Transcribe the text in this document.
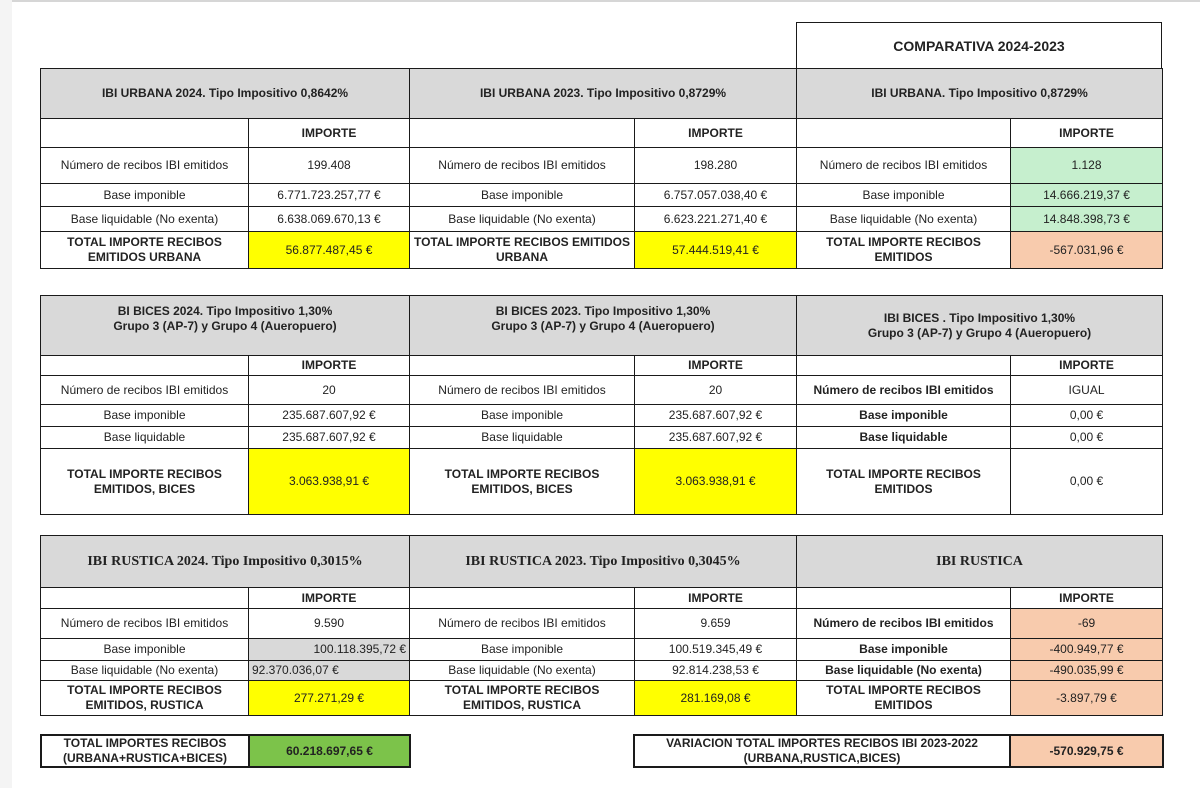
COMPARATIVA 2024-2023
IBI URBANA 2024. Tipo Impositivo 0,8642%	
	IMPORTE
Número de recibos IBI emitidos	199.408
Base imponible	6.771.723.257,77 €
Base liquidable (No exenta)	6.638.069.670,13 €
TOTAL IMPORTE RECIBOS EMITIDOS URBANA	56.877.487,45 €
IBI URBANA 2023. Tipo Impositivo 0,8729%	
	IMPORTE
Número de recibos IBI emitidos	198.280
Base imponible	6.757.057.038,40 €
Base liquidable (No exenta)	6.623.221.271,40 €
TOTAL IMPORTE RECIBOS EMITIDOS URBANA	57.444.519,41 €
IBI URBANA. Tipo Impositivo 0,8729%	
	IMPORTE
Número de recibos IBI emitidos	1.128
Base imponible	14.666.219,37 €
Base liquidable (No exenta)	14.848.398,73 €
TOTAL IMPORTE RECIBOS EMITIDOS	-567.031,96 €
BI BICES 2024. Tipo Impositivo 1,30%
Grupo 3 (AP-7) y Grupo 4 (Aueropuero)	

	IMPORTE
Número de recibos IBI emitidos	20
Base imponible	235.687.607,92 €
Base liquidable	235.687.607,92 €
TOTAL IMPORTE RECIBOS EMITIDOS, BICES	3.063.938,91 €
BI BICES 2023. Tipo Impositivo 1,30%
Grupo 3 (AP-7) y Grupo 4 (Aueropuero)	

	IMPORTE
Número de recibos IBI emitidos	20
Base imponible	235.687.607,92 €
Base liquidable	235.687.607,92 €
TOTAL IMPORTE RECIBOS EMITIDOS, BICES	3.063.938,91 €
IBI BICES . Tipo Impositivo 1,30%
Grupo 3 (AP-7) y Grupo 4 (Aueropuero)	

	IMPORTE
Número de recibos IBI emitidos	IGUAL
Base imponible	0,00 €
Base liquidable	0,00 €
TOTAL IMPORTE RECIBOS EMITIDOS	0,00 €
IBI RUSTICA 2024. Tipo Impositivo 0,3015%	
	IMPORTE
Número de recibos IBI emitidos	9.590
Base imponible	100.118.395,72 €
Base liquidable (No exenta)	92.370.036,07 €
TOTAL IMPORTE RECIBOS EMITIDOS, RUSTICA	277.271,29 €
IBI RUSTICA 2023. Tipo Impositivo 0,3045%	
	IMPORTE
Número de recibos IBI emitidos	9.659
Base imponible	100.519.345,49 €
Base liquidable (No exenta)	92.814.238,53 €
TOTAL IMPORTE RECIBOS EMITIDOS, RUSTICA	281.169,08 €
IBI RUSTICA	
	IMPORTE
Número de recibos IBI emitidos	-69
Base imponible	-400.949,77 €
Base liquidable (No exenta)	-490.035,99 €
TOTAL IMPORTE RECIBOS EMITIDOS	-3.897,79 €
TOTAL IMPORTES RECIBOS (URBANA+RUSTICA+BICES)	60.218.697,65 €
VARIACION TOTAL IMPORTES RECIBOS IBI 2023-2022 (URBANA,RUSTICA,BICES)	-570.929,75 €
